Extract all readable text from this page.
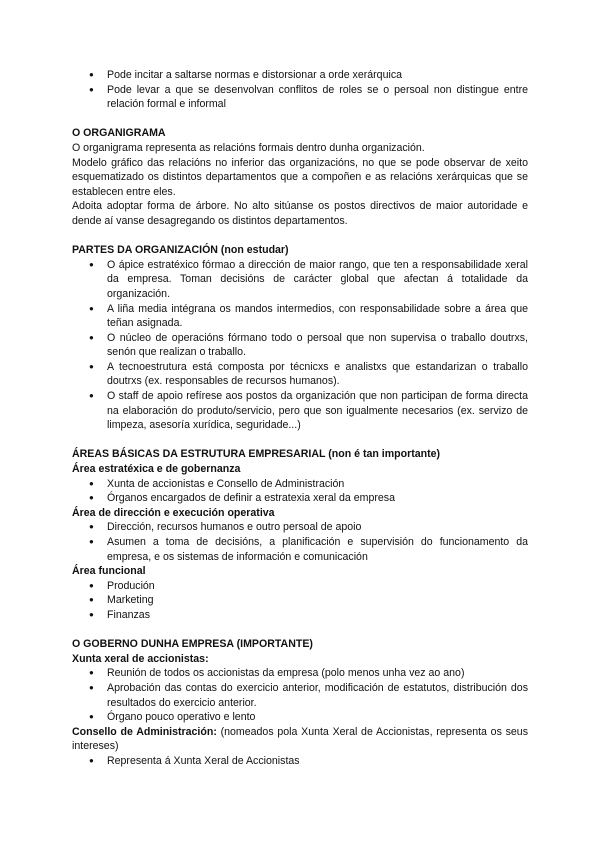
● Pode incitar a saltarse normas e distorsionar a orde xerárquica
● Pode levar a que se desenvolvan conflitos de roles se o persoal non distingue entre relación formal e informal

O ORGANIGRAMA

O organigrama representa as relacións formais dentro dunha organización.

Modelo gráfico das relacións no inferior das organizacións, no que se pode observar de xeito esquematizado os distintos departamentos que a compoñen e as relacións xerárquicas que se establecen entre eles.

Adoita adoptar forma de árbore. No alto sitúanse os postos directivos de maior autoridade e dende aí vanse desagregando os distintos departamentos.

PARTES DA ORGANIZACIÓN (non estudar)

● O ápice estratéxico fórmao a dirección de maior rango, que ten a responsabilidade xeral da empresa. Toman decisións de carácter global que afectan á totalidade da organización.
● A liña media intégrana os mandos intermedios, con responsabilidade sobre a área que teñan asignada.
● O núcleo de operacións fórmano todo o persoal que non supervisa o traballo doutrxs, senón que realizan o traballo.
● A tecnoestrutura está composta por técnicxs e analistxs que estandarizan o traballo doutrxs (ex. responsables de recursos humanos).
● O staff de apoio refírese aos postos da organización que non participan de forma directa na elaboración do produto/servicio, pero que son igualmente necesarios (ex. servizo de limpeza, asesoría xurídica, seguridade...)

ÁREAS BÁSICAS DA ESTRUTURA EMPRESARIAL (non é tan importante)

Área estratéxica e de gobernanza

● Xunta de accionistas e Consello de Administración
● Órganos encargados de definir a estratexia xeral da empresa

Área de dirección e execución operativa

● Dirección, recursos humanos e outro persoal de apoio
● Asumen a toma de decisións, a planificación e supervisión do funcionamento da empresa, e os sistemas de información e comunicación

Área funcional

● Produción
● Marketing
● Finanzas

O GOBERNO DUNHA EMPRESA (IMPORTANTE)

Xunta xeral de accionistas:

● Reunión de todos os accionistas da empresa (polo menos unha vez ao ano)
● Aprobación das contas do exercicio anterior, modificación de estatutos, distribución dos resultados do exercicio anterior.
● Órgano pouco operativo e lento

Consello de Administración: (nomeados pola Xunta Xeral de Accionistas, representa os seus intereses)

● Representa á Xunta Xeral de Accionistas
